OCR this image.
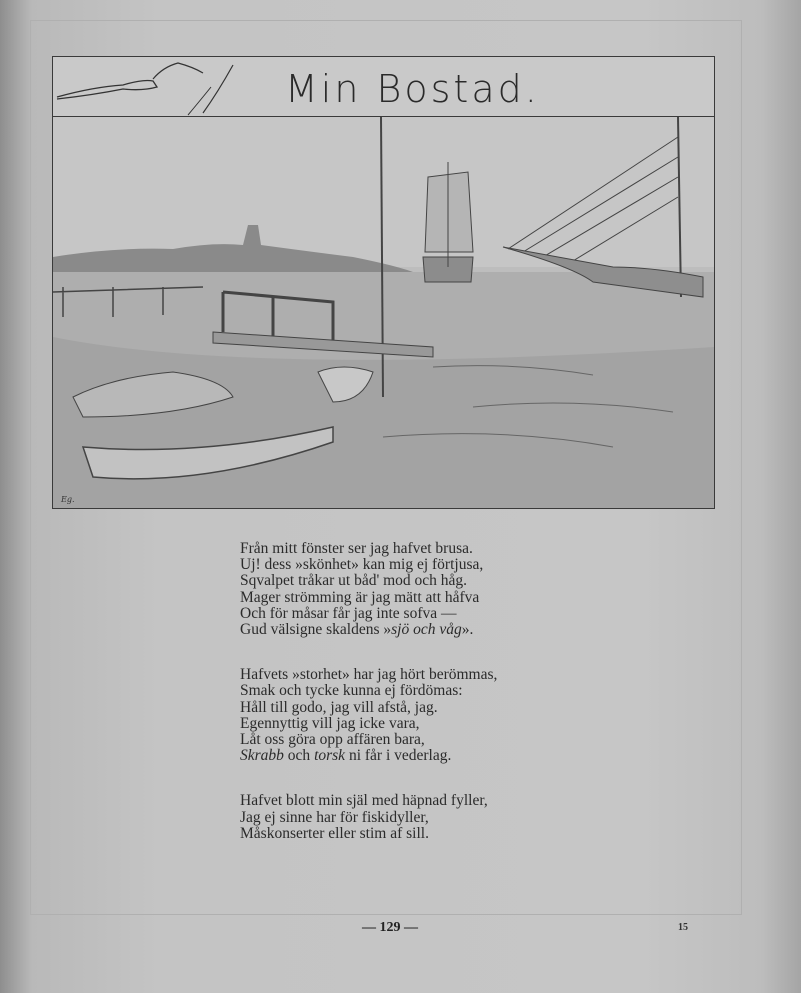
Min Bostad.
Eg.
Från mitt fönster ser jag hafvet brusa.
Uj! dess »skönhet» kan mig ej förtjusa,
Sqvalpet tråkar ut båd' mod och håg.
Mager strömming är jag mätt att håfva
Och för måsar får jag inte sofva —
Gud välsigne skaldens »sjö och våg».
Hafvets »storhet» har jag hört berömmas,
Smak och tycke kunna ej fördömas:
Håll till godo, jag vill afstå, jag.
Egennyttig vill jag icke vara,
Låt oss göra opp affären bara,
Skrabb och torsk ni får i vederlag.
Hafvet blott min själ med häpnad fyller,
Jag ej sinne har för fiskidyller,
Måskonserter eller stim af sill.
— 129 —	15
